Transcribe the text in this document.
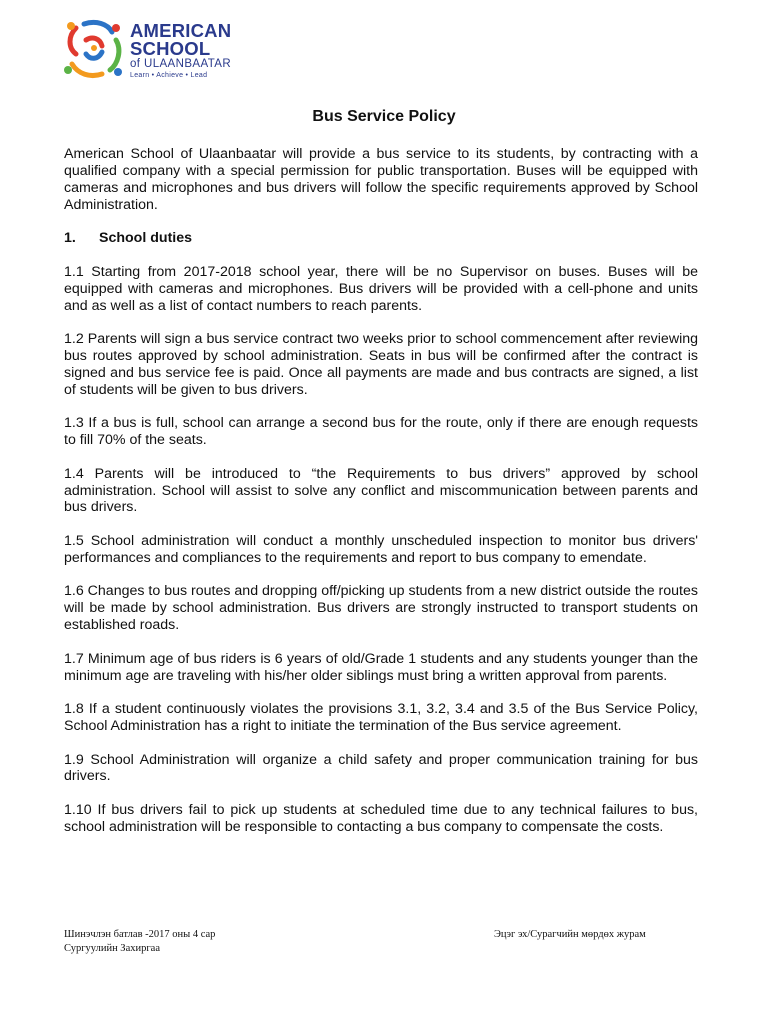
AMERICAN
SCHOOL
of ULAANBAATAR
Learn • Achieve • Lead
Bus Service Policy

American School of Ulaanbaatar will provide a bus service to its students, by contracting with a qualified company with a special permission for public transportation. Buses will be equipped with cameras and microphones and bus drivers will follow the specific requirements approved by School Administration.

1. School duties

1.1 Starting from 2017-2018 school year, there will be no Supervisor on buses. Buses will be equipped with cameras and microphones. Bus drivers will be provided with a cell-phone and units and as well as a list of contact numbers to reach parents.

1.2 Parents will sign a bus service contract two weeks prior to school commencement after reviewing bus routes approved by school administration. Seats in bus will be confirmed after the contract is signed and bus service fee is paid. Once all payments are made and bus contracts are signed, a list of students will be given to bus drivers.

1.3 If a bus is full, school can arrange a second bus for the route, only if there are enough requests to fill 70% of the seats.

1.4 Parents will be introduced to “the Requirements to bus drivers” approved by school administration. School will assist to solve any conflict and miscommunication between parents and bus drivers.

1.5 School administration will conduct a monthly unscheduled inspection to monitor bus drivers' performances and compliances to the requirements and report to bus company to emendate.

1.6 Changes to bus routes and dropping off/picking up students from a new district outside the routes will be made by school administration. Bus drivers are strongly instructed to transport students on established roads.

1.7 Minimum age of bus riders is 6 years of old/Grade 1 students and any students younger than the minimum age are traveling with his/her older siblings must bring a written approval from parents.

1.8 If a student continuously violates the provisions 3.1, 3.2, 3.4 and 3.5 of the Bus Service Policy, School Administration has a right to initiate the termination of the Bus service agreement.

1.9 School Administration will organize a child safety and proper communication training for bus drivers.

1.10 If bus drivers fail to pick up students at scheduled time due to any technical failures to bus, school administration will be responsible to contacting a bus company to compensate the costs.

Шинэчлэн батлав -2017 оны 4 сар
Сургуулийн Захиргаа
Эцэг эх/Сурагчийн мөрдөх журам
